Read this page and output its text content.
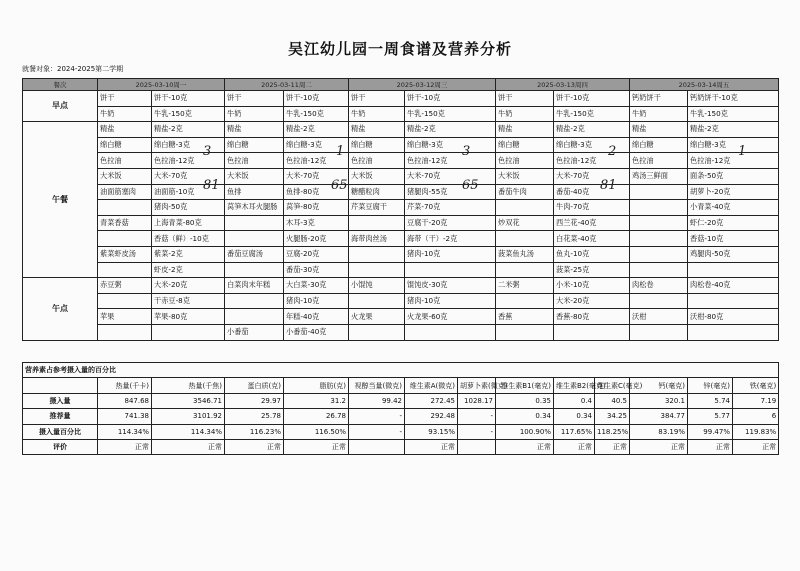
吴江幼儿园一周食谱及营养分析
就餐对象：2024-2025第二学期
餐次	2025-03-10周一		2025-03-11周二		2025-03-12周三		2025-03-13周四		2025-03-14周五	
早点	饼干	饼干-10克	饼干	饼干-10克	饼干	饼干-10克	饼干	饼干-10克	钙奶饼干	钙奶饼干-10克
	牛奶	牛乳-150克	牛奶	牛乳-150克	牛奶	牛乳-150克	牛奶	牛乳-150克	牛奶	牛乳-150克
午餐	精盐	精盐-2克	精盐	精盐-2克	精盐	精盐-2克	精盐	精盐-2克	精盐	精盐-2克
	绵白糖	绵白糖-3克	绵白糖	绵白糖-3克	绵白糖	绵白糖-3克	绵白糖	绵白糖-3克	绵白糖	绵白糖-3克
	色拉油	色拉油-12克	色拉油	色拉油-12克	色拉油	色拉油-12克	色拉油	色拉油-12克	色拉油	色拉油-12克
	大米饭	大米-70克	大米饭	大米-70克	大米饭	大米-70克	大米饭	大米-70克	鸡汤三鲜面	面条-50克
	油面筋塞肉	油面筋-10克	鱼排	鱼排-80克	糖醋粒肉	猪腿肉-55克	番茄牛肉	番茄-40克		胡萝卜-20克
		猪肉-50克	莴笋木耳火腿肠	莴笋-80克	芹菜豆腐干	芹菜-70克		牛肉-70克		小青菜-40克
	青菜香菇	上海青菜-80克		木耳-3克		豆腐干-20克	炒双花	西兰花-40克		虾仁-20克
		香菇（鲜）-10克		火腿肠-20克	海带肉丝汤	海带（干）-2克		白花菜-40克		香菇-10克
	紫菜虾皮汤	紫菜-2克	番茄豆腐汤	豆腐-20克		猪肉-10克	菠菜鱼丸汤	鱼丸-10克		鸡腿肉-50克
		虾皮-2克		番茄-30克				菠菜-25克		
午点	赤豆粥	大米-20克	白菜肉末年糕	大白菜-30克	小馄饨	馄饨皮-30克	二米粥	小米-10克	肉松卷	肉松卷-40克
		干赤豆-8克		猪肉-10克		猪肉-10克		大米-20克		
	苹果	苹果-80克		年糕-40克	火龙果	火龙果-60克	香蕉	香蕉-80克	沃柑	沃柑-80克
			小番茄	小番茄-40克						
营养素占参考摄入量的百分比													
	热量(千卡)	热量(千焦)	蛋白质(克)	脂肪(克)	视醇当量(微克)	维生素A(微克)	胡萝卜素(微克)	维生素B1(毫克)	维生素B2(毫克)	维生素C(毫克)	钙(毫克)	锌(毫克)	铁(毫克)
摄入量	847.68	3546.71	29.97	31.2	99.42	272.45	1028.17	0.35	0.4	40.5	320.1	5.74	7.19
推荐量	741.38	3101.92	25.78	26.78	-	292.48	-	0.34	0.34	34.25	384.77	5.77	6
摄入量百分比	114.34%	114.34%	116.23%	116.50%	-	93.15%	-	100.90%	117.65%	118.25%	83.19%	99.47%	119.83%
评价	正常	正常	正常	正常		正常		正常	正常	正常	正常	正常	正常
3	1	3	2	1
81	65	65	81
